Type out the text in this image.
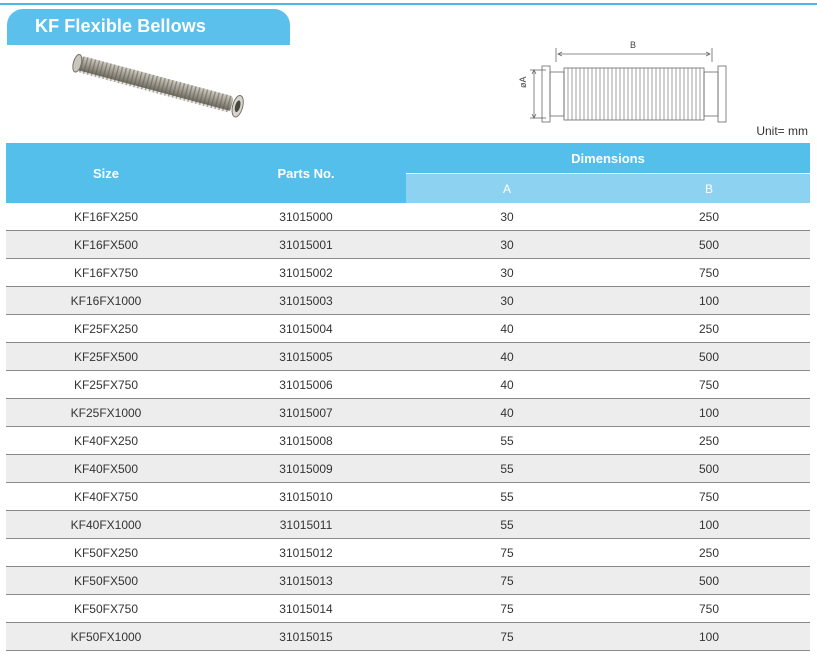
KF Flexible Bellows
B
øA
Unit= mm
Size	Parts No.	Dimensions	
		A	B
KF16FX250	31015000	30	250
KF16FX500	31015001	30	500
KF16FX750	31015002	30	750
KF16FX1000	31015003	30	100
KF25FX250	31015004	40	250
KF25FX500	31015005	40	500
KF25FX750	31015006	40	750
KF25FX1000	31015007	40	100
KF40FX250	31015008	55	250
KF40FX500	31015009	55	500
KF40FX750	31015010	55	750
KF40FX1000	31015011	55	100
KF50FX250	31015012	75	250
KF50FX500	31015013	75	500
KF50FX750	31015014	75	750
KF50FX1000	31015015	75	100
